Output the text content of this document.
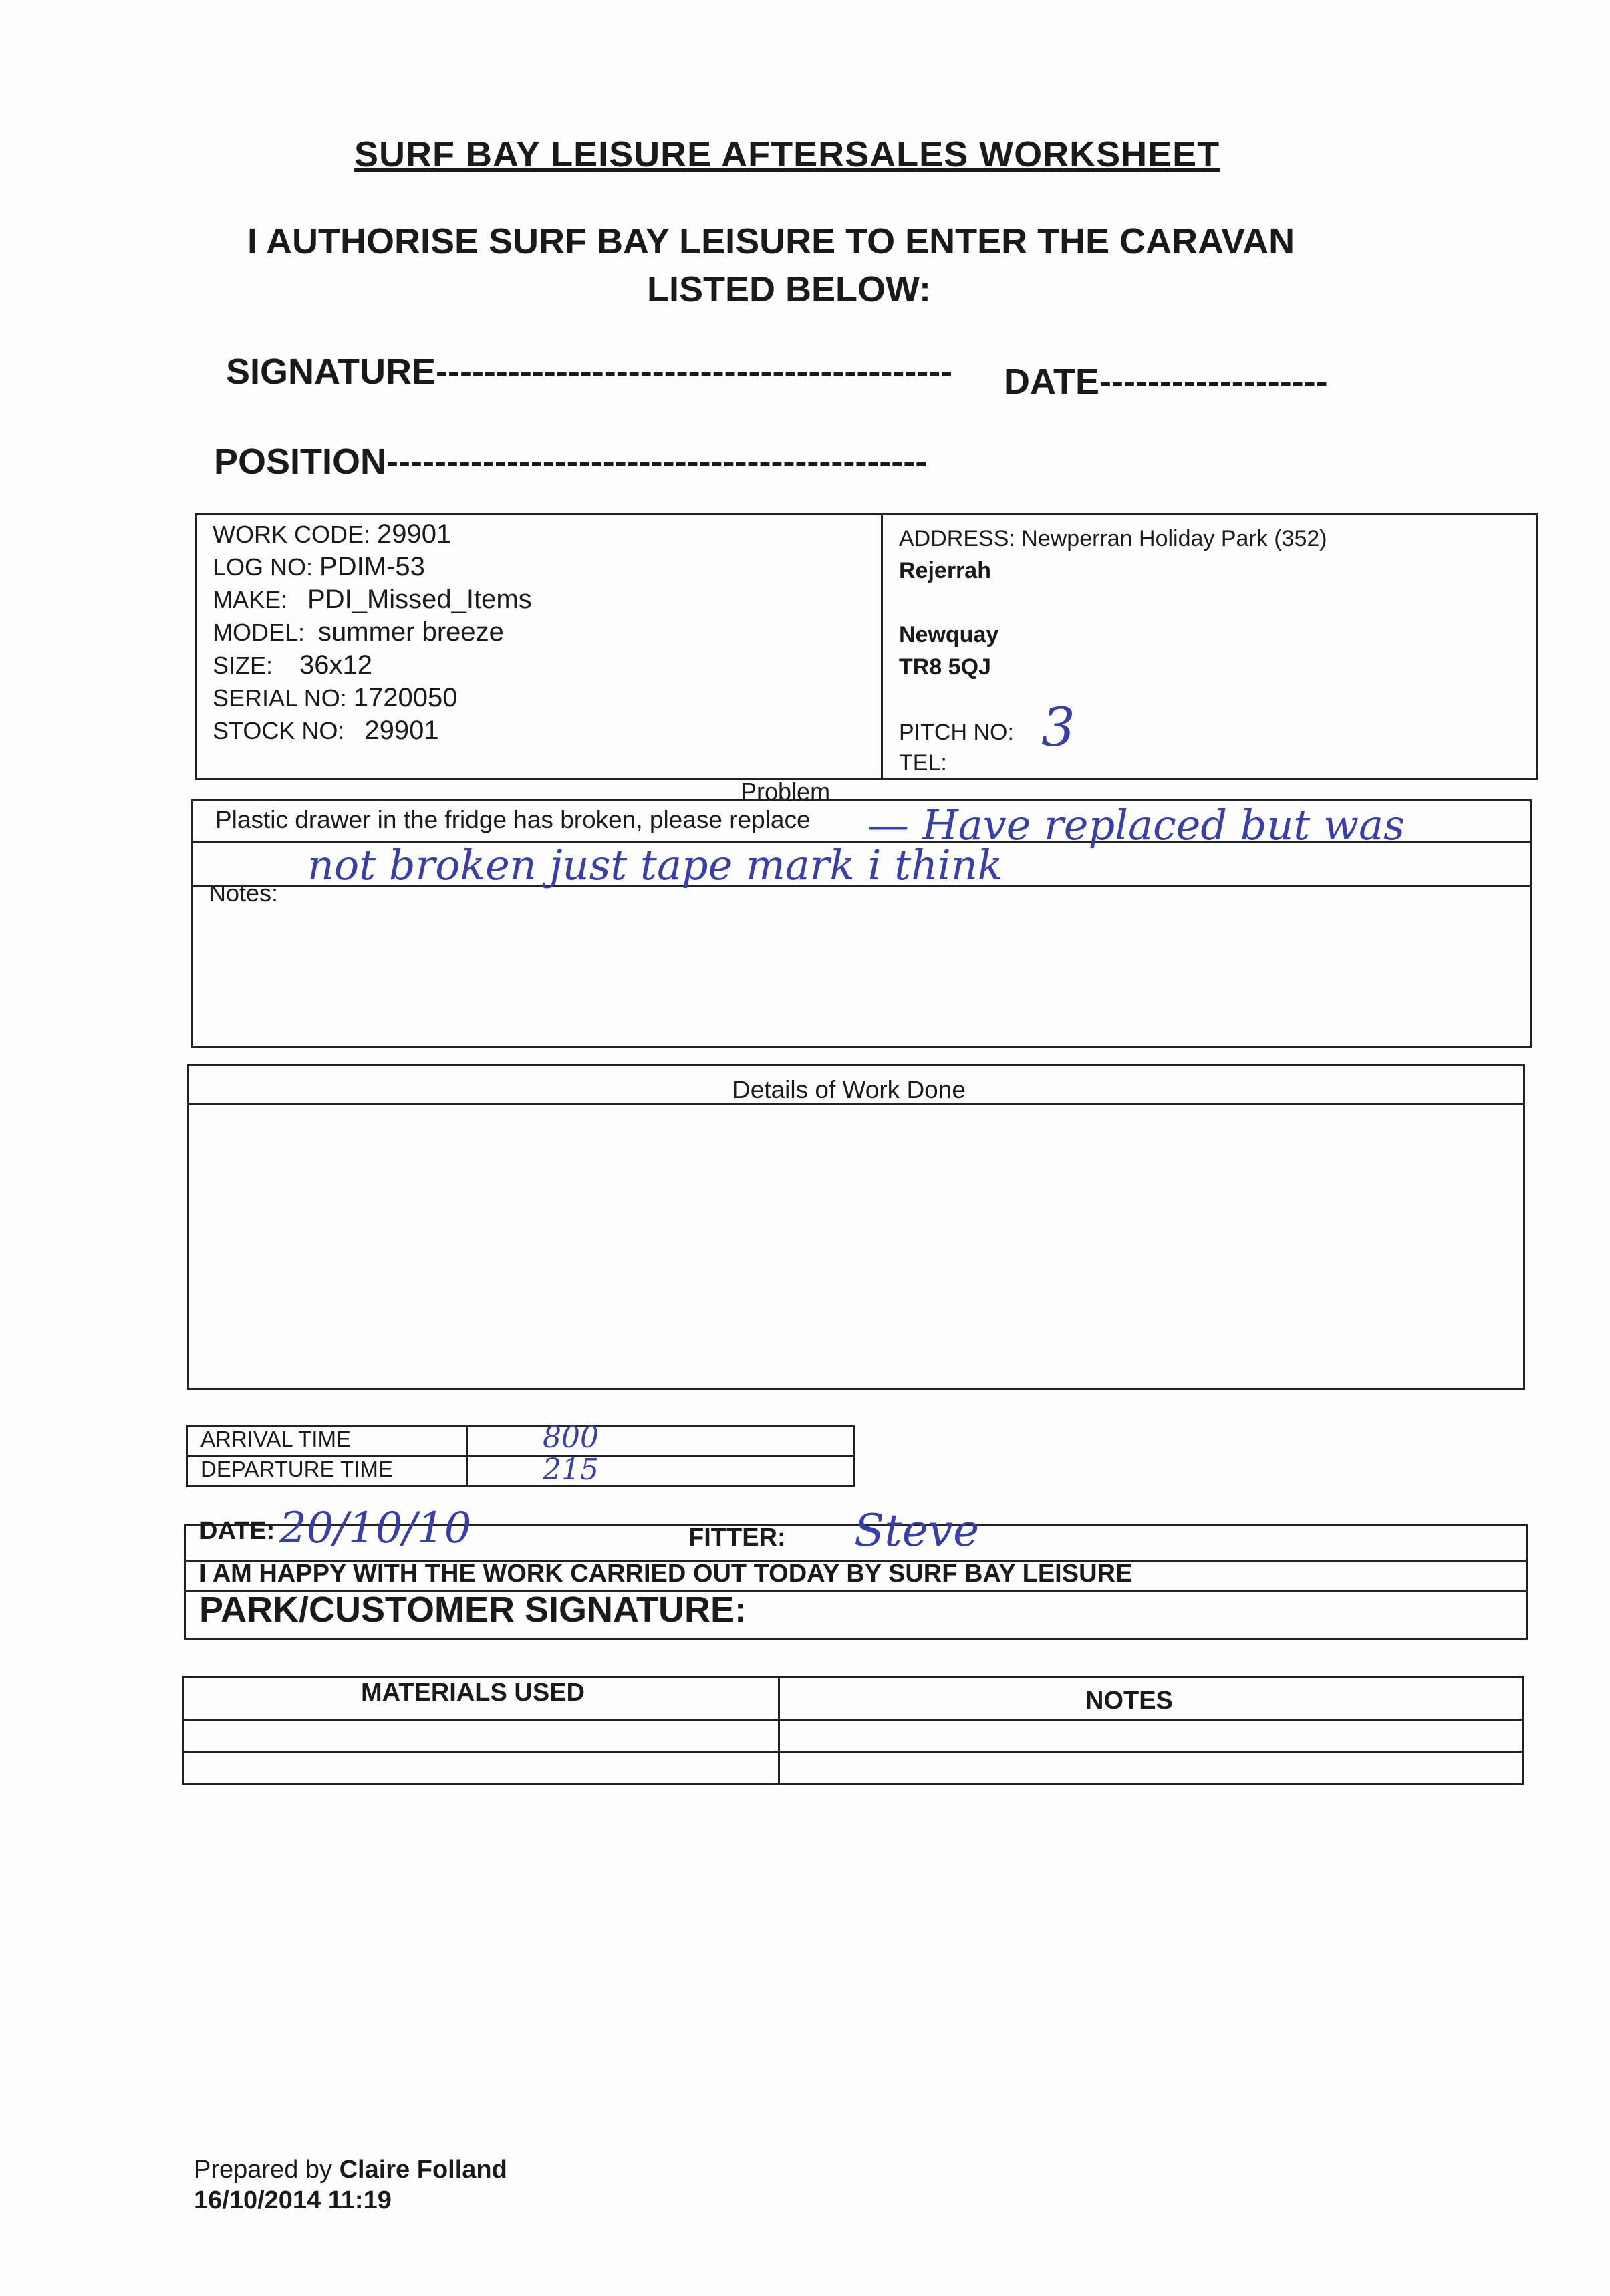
SURF BAY LEISURE AFTERSALES WORKSHEET
I AUTHORISE SURF BAY LEISURE TO ENTER THE CARAVAN
LISTED BELOW:
SIGNATURE------------------------------------------- DATE-------------------
POSITION---------------------------------------------
WORK CODE: 29901
LOG NO: PDIM-53
MAKE: PDI_Missed_Items
MODEL: summer breeze
SIZE: 36x12
SERIAL NO: 1720050
STOCK NO: 29901
ADDRESS: Newperran Holiday Park (352)
Rejerrah
Newquay
TR8 5QJ
PITCH NO: 3
TEL:
Problem
Plastic drawer in the fridge has broken, please replace — Have replaced but was
not broken just tape mark i think
Notes:
Details of Work Done
ARRIVAL TIME	800
DEPARTURE TIME	215
DATE: 20/10/10	FITTER: Steve
I AM HAPPY WITH THE WORK CARRIED OUT TODAY BY SURF BAY LEISURE
PARK/CUSTOMER SIGNATURE:
MATERIALS USED	NOTES
Prepared by Claire Folland
16/10/2014 11:19
